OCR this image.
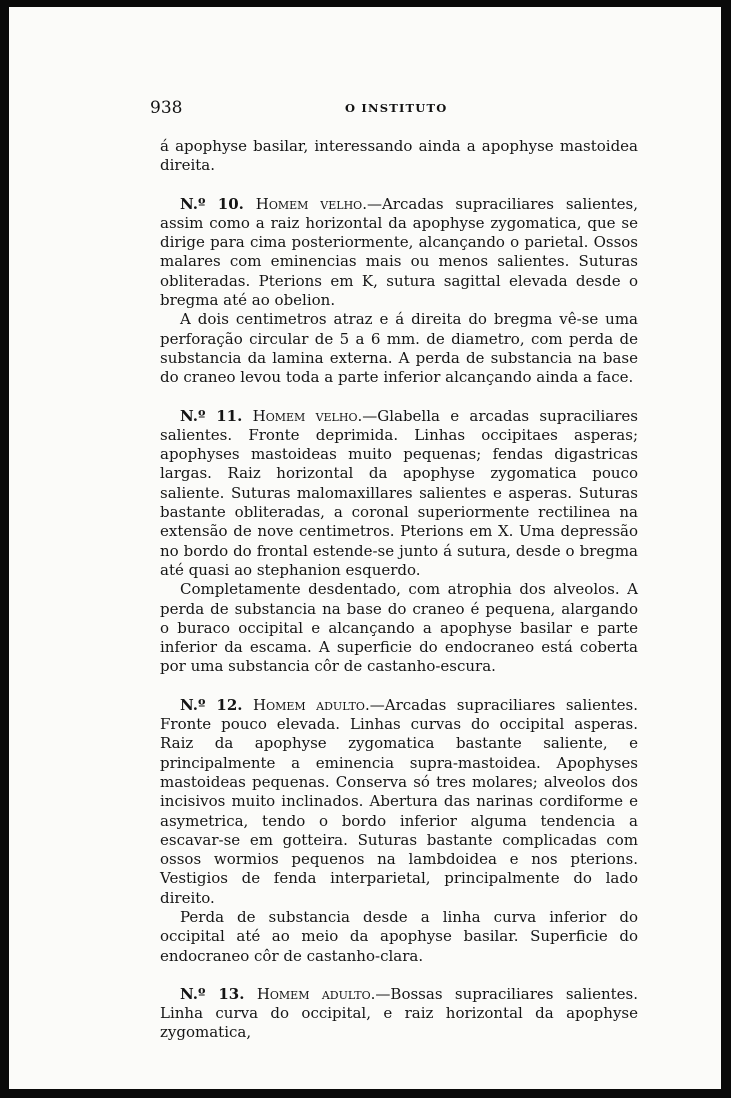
938	O INSTITUTO

á apophyse basilar, interessando ainda a apophyse mastoidea direita.

N.º 10. Homem velho.—Arcadas supraciliares salientes, assim como a raiz horizontal da apophyse zygomatica, que se dirige para cima posteriormente, alcançando o parietal. Ossos malares com eminencias mais ou menos salientes. Suturas obliteradas. Pterions em K, sutura sagittal elevada desde o bregma até ao obelion.

A dois centimetros atraz e á direita do bregma vê-se uma perforação circular de 5 a 6 mm. de diametro, com perda de substancia da lamina externa. A perda de substancia na base do craneo levou toda a parte inferior alcançando ainda a face.

N.º 11. Homem velho.—Glabella e arcadas supraciliares salientes. Fronte deprimida. Linhas occipitaes asperas; apophyses mastoideas muito pequenas; fendas digastricas largas. Raiz horizontal da apophyse zygomatica pouco saliente. Suturas malomaxillares salientes e asperas. Suturas bastante obliteradas, a coronal superiormente rectilinea na extensão de nove centimetros. Pterions em X. Uma depressão no bordo do frontal estende-se junto á sutura, desde o bregma até quasi ao stephanion esquerdo.

Completamente desdentado, com atrophia dos alveolos. A perda de substancia na base do craneo é pequena, alargando o buraco occipital e alcançando a apophyse basilar e parte inferior da escama. A superficie do endocraneo está coberta por uma substancia côr de castanho-escura.

N.º 12. Homem adulto.—Arcadas supraciliares salientes. Fronte pouco elevada. Linhas curvas do occipital asperas. Raiz da apophyse zygomatica bastante saliente, e principalmente a eminencia supra-mastoidea. Apophyses mastoideas pequenas. Conserva só tres molares; alveolos dos incisivos muito inclinados. Abertura das narinas cordiforme e asymetrica, tendo o bordo inferior alguma tendencia a escavar-se em gotteira. Suturas bastante complicadas com ossos wormios pequenos na lambdoidea e nos pterions. Vestigios de fenda interparietal, principalmente do lado direito.

Perda de substancia desde a linha curva inferior do occipital até ao meio da apophyse basilar. Superficie do endocraneo côr de castanho-clara.

N.º 13. Homem adulto.—Bossas supraciliares salientes. Linha curva do occipital, e raiz horizontal da apophyse zygomatica,
